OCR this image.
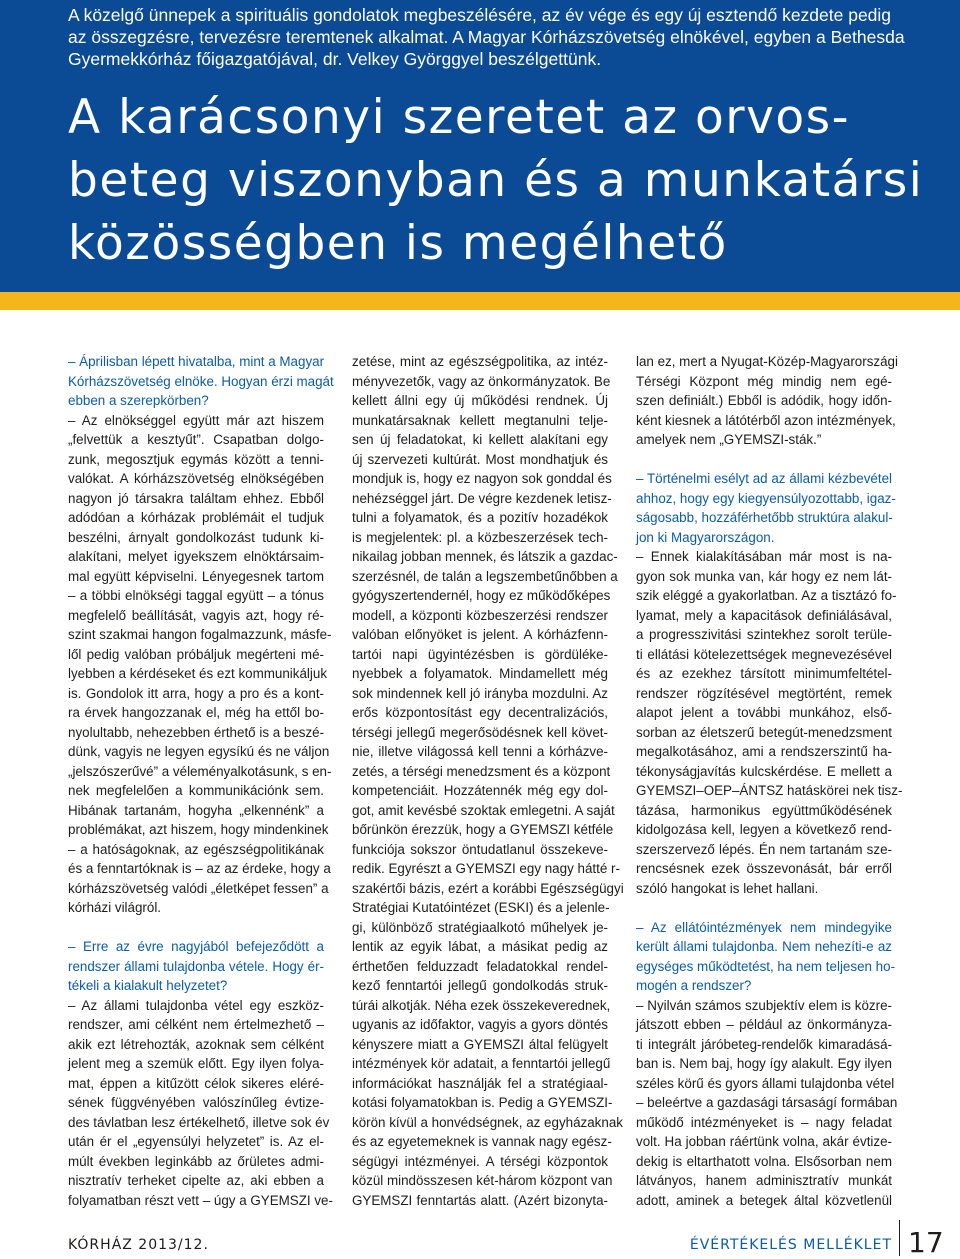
A közelgő ünnepek a spirituális gondolatok megbeszélésére, az év vége és egy új esztendő kezdete pedig az összegzésre, tervezésre teremtenek alkalmat. A Magyar Kórházszövetség elnökével, egyben a Bethesda Gyermekkórház főigazgatójával, dr. Velkey Györggyel beszélgettünk.
A karácsonyi szeretet az orvos-
beteg viszonyban és a munkatársi
közösségben is megélhető
– Áprilisban lépett hivatalba, mint a Magyar
Kórházszövetség elnöke. Hogyan érzi magát
ebben a szerepkörben?
– Az elnökséggel együtt már azt hiszem
„felvettük a kesztyűt”. Csapatban dolgo-
zunk, megosztjuk egymás között a tenni-
valókat. A kórházszövetség elnökségében
nagyon jó társakra találtam ehhez. Ebből
adódóan a kórházak problémáit el tudjuk
beszélni, árnyalt gondolkozást tudunk ki-
alakítani, melyet igyekszem elnöktársaim-
mal együtt képviselni. Lényegesnek tartom
– a többi elnökségi taggal együtt – a tónus
megfelelő beállítását, vagyis azt, hogy ré-
szint szakmai hangon fogalmazzunk, másfe-
lől pedig valóban próbáljuk megérteni mé-
lyebben a kérdéseket és ezt kommunikáljuk
is. Gondolok itt arra, hogy a pro és a kont-
ra érvek hangozzanak el, még ha ettől bo-
nyolultabb, nehezebben érthető is a beszé-
dünk, vagyis ne legyen egysíkú és ne váljon
„jelszószerűvé” a véleményalkotásunk, s en-
nek megfelelően a kommunikációnk sem.
Hibának tartanám, hogyha „elkennénk” a
problémákat, azt hiszem, hogy mindenkinek
– a hatóságoknak, az egészségpolitikának
és a fenntartóknak is – az az érdeke, hogy a
kórházszövetség valódi „életképet fessen” a
kórházi világról.
– Erre az évre nagyjából befejeződött a
rendszer állami tulajdonba vétele. Hogy ér-
tékeli a kialakult helyzetet?
– Az állami tulajdonba vétel egy eszköz-
rendszer, ami célként nem értelmezhető –
akik ezt létrehozták, azoknak sem célként
jelent meg a szemük előtt. Egy ilyen folya-
mat, éppen a kitűzött célok sikeres eléré-
sének függvényében valószínűleg évtize-
des távlatban lesz értékelhető, illetve sok év
után ér el „egyensúlyi helyzetet” is. Az el-
múlt években leginkább az őrületes admi-
nisztratív terheket cipelte az, aki ebben a
folyamatban részt vett – úgy a GYEMSZI ve-
zetése, mint az egészségpolitika, az intéz-
ményvezetők, vagy az önkormányzatok. Be
kellett állni egy új működési rendnek. Új
munkatársaknak kellett megtanulni telje-
sen új feladatokat, ki kellett alakítani egy
új szervezeti kultúrát. Most mondhatjuk és
mondjuk is, hogy ez nagyon sok gonddal és
nehézséggel járt. De végre kezdenek letisz-
tulni a folyamatok, és a pozitív hozadékok
is megjelentek: pl. a közbeszerzések tech-
nikailag jobban mennek, és látszik a gazdac-
szerzésnél, de talán a legszembetűnőbben a
gyógyszertendernél, hogy ez működőképes
modell, a központi közbeszerzési rendszer
valóban előnyöket is jelent. A kórházfenn-
tartói napi ügyintézésben is gördüléke-
nyebbek a folyamatok. Mindamellett még
sok mindennek kell jó irányba mozdulni. Az
erős központosítást egy decentralizációs,
térségi jellegű megerősödésnek kell követ-
nie, illetve világossá kell tenni a kórházve-
zetés, a térségi menedzsment és a központ
kompetenciáit. Hozzátennék még egy dol-
got, amit kevésbé szoktak emlegetni. A saját
bőrünkön érezzük, hogy a GYEMSZI kétféle
funkciója sokszor öntudatlanul összekeve-
redik. Egyrészt a GYEMSZI egy nagy hátté r-
szakértői bázis, ezért a korábbi Egészségügyi
Stratégiai Kutatóintézet (ESKI) és a jelenle-
gi, különböző stratégiaalkotó műhelyek je-
lentik az egyik lábat, a másikat pedig az
érthetően felduzzadt feladatokkal rendel-
kező fenntartói jellegű gondolkodás struk-
túrái alkotják. Néha ezek összekeverednek,
ugyanis az időfaktor, vagyis a gyors döntés
kényszere miatt a GYEMSZI által felügyelt
intézmények kör adatait, a fenntartói jellegű
információkat használják fel a stratégiaal-
kotási folyamatokban is. Pedig a GYEMSZI-
körön kívül a honvédségnek, az egyházaknak
és az egyetemeknek is vannak nagy egész-
ségügyi intézményei. A térségi központok
közül mindösszesen két-három központ van
GYEMSZI fenntartás alatt. (Azért bizonyta-
lan ez, mert a Nyugat-Közép-Magyarországi
Térségi Központ még mindig nem egé-
szen definiált.) Ebből is adódik, hogy időn-
ként kiesnek a látótérből azon intézmények,
amelyek nem „GYEMSZI-sták.”
– Történelmi esélyt ad az állami kézbevétel
ahhoz, hogy egy kiegyensúlyozottabb, igaz-
ságosabb, hozzáférhetőbb struktúra alakul-
jon ki Magyarországon.
– Ennek kialakításában már most is na-
gyon sok munka van, kár hogy ez nem lát-
szik eléggé a gyakorlatban. Az a tisztázó fo-
lyamat, mely a kapacitások definiálásával,
a progresszivitási szintekhez sorolt terüle-
ti ellátási kötelezettségek megnevezésével
és az ezekhez társított minimumfeltétel-
rendszer rögzítésével megtörtént, remek
alapot jelent a további munkához, első-
sorban az életszerű betegút-menedzsment
megalkotásához, ami a rendszerszintű ha-
tékonyságjavítás kulcskérdése. E mellett a
GYEMSZI–OEP–ÁNTSZ hatáskörei nek tisz-
tázása, harmonikus együttműködésének
kidolgozása kell, legyen a következő rend-
szerszervező lépés. Én nem tartanám sze-
rencsésnek ezek összevonását, bár erről
szóló hangokat is lehet hallani.
– Az ellátóintézmények nem mindegyike
került állami tulajdonba. Nem nehezíti-e az
egységes működtetést, ha nem teljesen ho-
mogén a rendszer?
– Nyilván számos szubjektív elem is közre-
játszott ebben – például az önkormányza-
ti integrált járóbeteg-rendelők kimaradásá-
ban is. Nem baj, hogy így alakult. Egy ilyen
széles körű és gyors állami tulajdonba vétel
– beleértve a gazdasági társaságí formában
működő intézményeket is – nagy feladat
volt. Ha jobban ráértünk volna, akár évtize-
dekig is eltarthatott volna. Elsősorban nem
látványos, hanem adminisztratív munkát
adott, aminek a betegek által közvetlenül
KÓRHÁZ 2013/12.	ÉVÉRTÉKELÉS MELLÉKLET 17
